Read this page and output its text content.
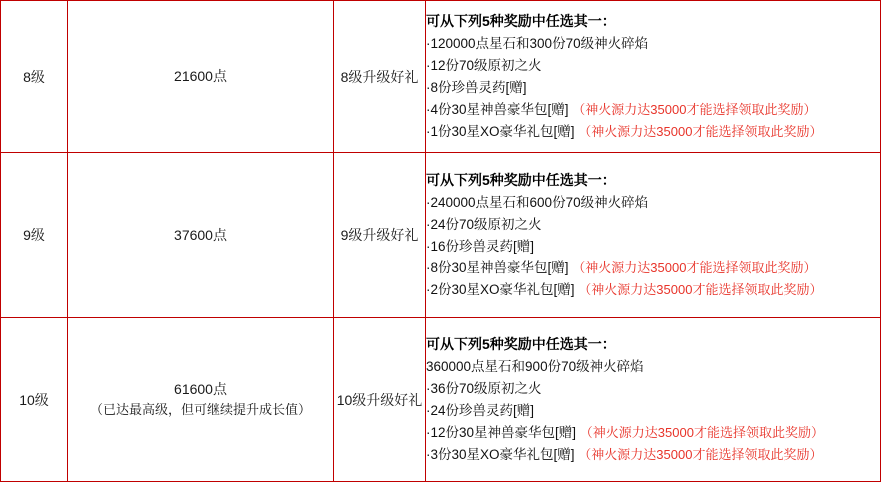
8级	21600点	8级升级好礼	
可从下列5种奖励中任选其一：
·120000点星石和300份70级神火碎焰
·12份70级原初之火
·8份珍兽灵药[赠]
·4份30星神兽豪华包[赠] （神火源力达35000才能选择领取此奖励）
·1份30星XO豪华礼包[赠] （神火源力达35000才能选择领取此奖励）

9级	37600点	9级升级好礼	
可从下列5种奖励中任选其一：
·240000点星石和600份70级神火碎焰
·24份70级原初之火
·16份珍兽灵药[赠]
·8份30星神兽豪华包[赠] （神火源力达35000才能选择领取此奖励）
·2份30星XO豪华礼包[赠] （神火源力达35000才能选择领取此奖励）

10级	61600点
（已达最高级，但可继续提升成长值）
	10级升级好礼	
可从下列5种奖励中任选其一：
360000点星石和900份70级神火碎焰
·36份70级原初之火
·24份珍兽灵药[赠]
·12份30星神兽豪华包[赠] （神火源力达35000才能选择领取此奖励）
·3份30星XO豪华礼包[赠] （神火源力达35000才能选择领取此奖励）
